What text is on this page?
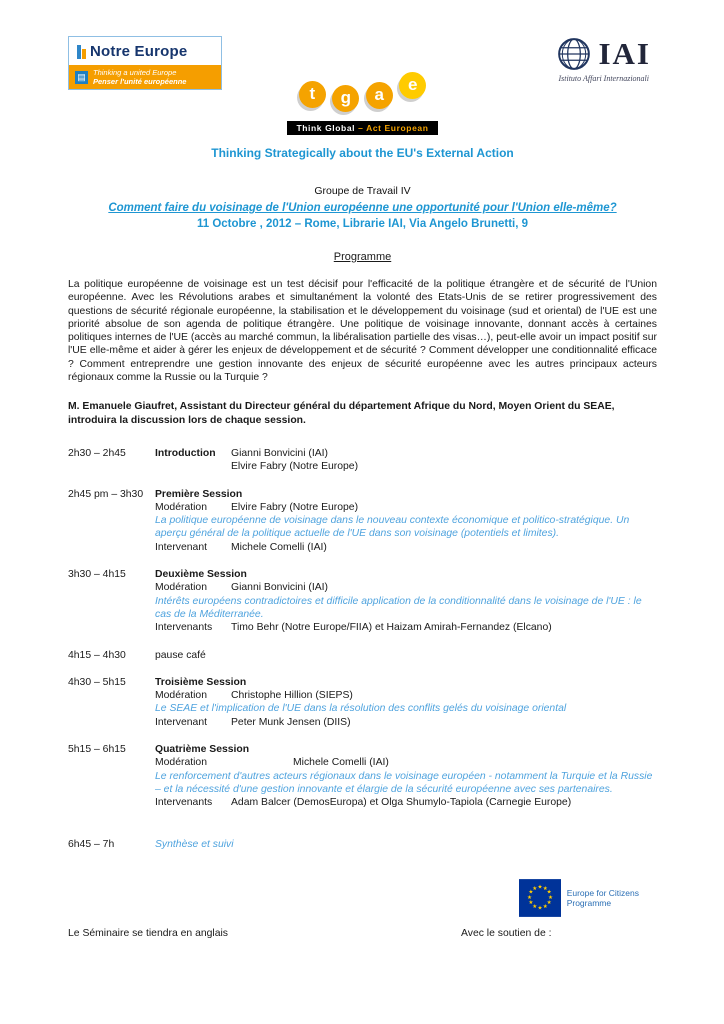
Notre Europe
▤ Thinking a united Europe
Penser l'unité européenne
IAI
Istituto Affari Internazionali
t g a e
Think Global – Act European
Thinking Strategically about the EU's External Action
Groupe de Travail IV
Comment faire du voisinage de l'Union européenne une opportunité pour l'Union elle-même?
11 Octobre , 2012 – Rome, Librarie IAI, Via Angelo Brunetti, 9
Programme

La politique européenne de voisinage est un test décisif pour l'efficacité de la politique étrangère et de sécurité de l'Union européenne. Avec les Révolutions arabes et simultanément la volonté des Etats-Unis de se retirer progressivement des questions de sécurité régionale européenne, la stabilisation et le développement du voisinage (sud et oriental) de l'UE est une priorité absolue de son agenda de politique étrangère. Une politique de voisinage innovante, donnant accès à certaines politiques internes de l'UE (accès au marché commun, la libéralisation partielle des visas…), peut-elle avoir un impact positif sur l'UE elle-même et aider à gérer les enjeux de développement et de sécurité ? Comment développer une conditionnalité efficace ? Comment entreprendre une gestion innovante des enjeux de sécurité européenne avec les autres principaux acteurs régionaux comme la Russie ou la Turquie ?

M. Emanuele Giaufret, Assistant du Directeur général du département Afrique du Nord, Moyen Orient du SEAE, introduira la discussion lors de chaque session.

2h30 – 2h45	Introduction	Gianni Bonvicini (IAI)
Elvire Fabry (Notre Europe)
2h45 pm – 3h30	Première Session
Modération	Elvire Fabry (Notre Europe)
La politique européenne de voisinage dans le nouveau contexte économique et politico-stratégique. Un aperçu général de la politique actuelle de l'UE dans son voisinage (potentiels et limites).
Intervenant	Michele Comelli (IAI)
3h30 – 4h15	Deuxième Session
Modération	Gianni Bonvicini (IAI)
Intérêts européens contradictoires et difficile application de la conditionnalité dans le voisinage de l'UE : le cas de la Méditerranée.
Intervenants	Timo Behr (Notre Europe/FIIA) et Haizam Amirah-Fernandez (Elcano)
4h15 – 4h30	pause café
4h30 – 5h15	Troisième Session
Modération	Christophe Hillion (SIEPS)
Le SEAE et l'implication de l'UE dans la résolution des conflits gelés du voisinage oriental
Intervenant	Peter Munk Jensen (DIIS)
5h15 – 6h15	Quatrième Session
Modération	Michele Comelli (IAI)
Le renforcement d'autres acteurs régionaux dans le voisinage européen - notamment la Turquie et la Russie – et la nécessité d'une gestion innovante et élargie de la sécurité européenne avec ses partenaires.
Intervenants	Adam Balcer (DemosEuropa) et Olga Shumylo-Tapiola (Carnegie Europe)
6h45 – 7h	Synthèse et suivi
★ ★
★
★
★
★
★
★
★
★
★
★	Europe for Citizens
Programme
Le Séminaire se tiendra en anglais	Avec le soutien de :
